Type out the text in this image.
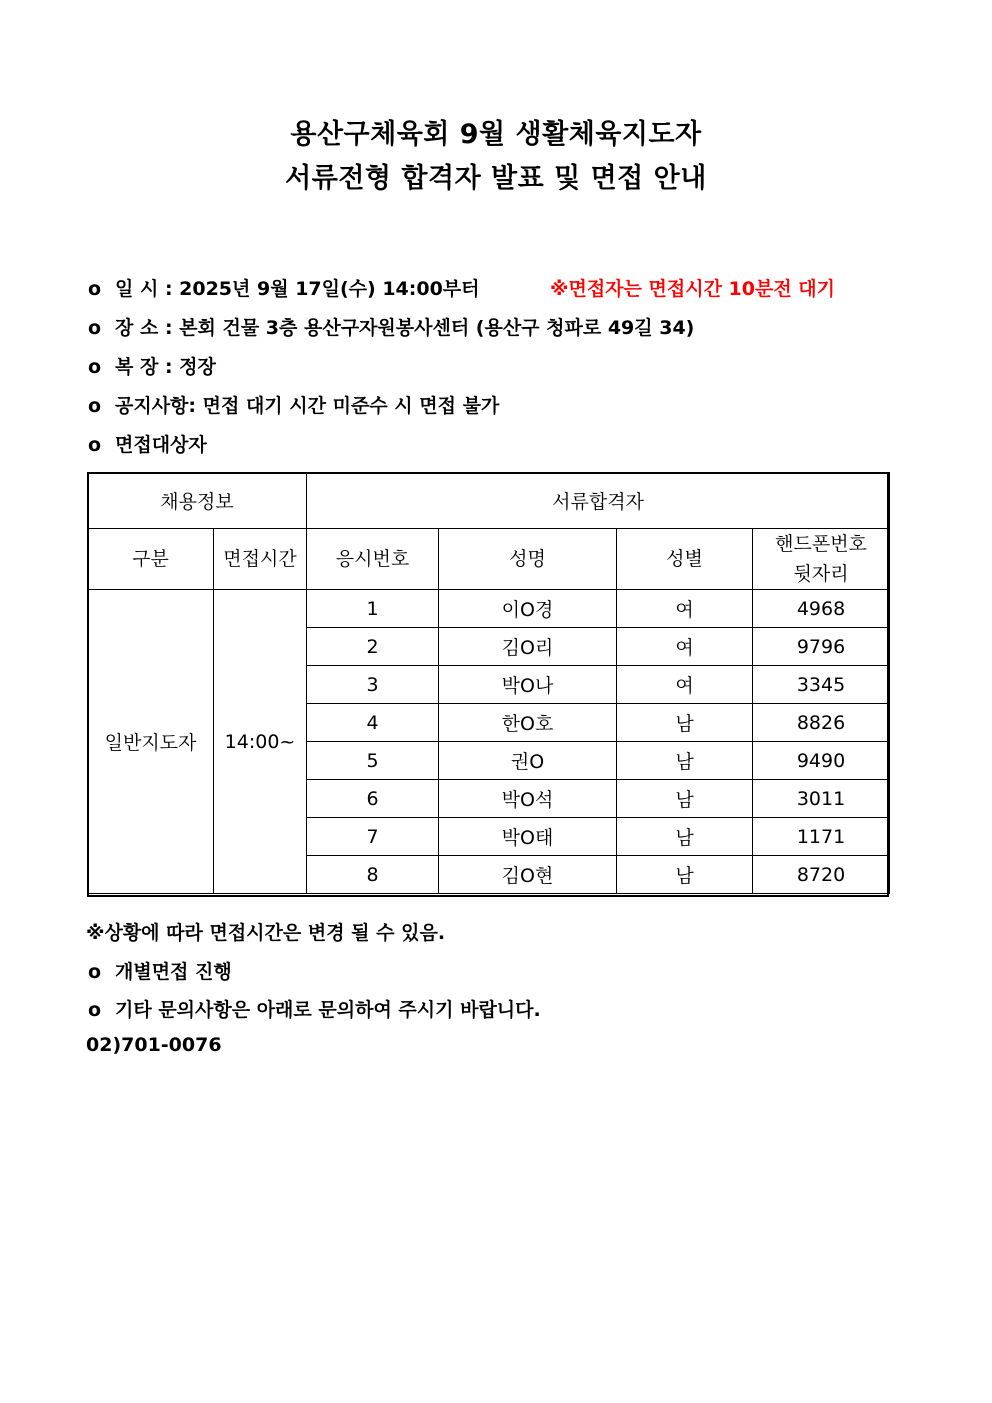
용산구체육회 9월 생활체육지도자
서류전형 합격자 발표 및 면접 안내
o 일 시 : 2025년 9월 17일(수) 14:00부터	※면접자는 면접시간 10분전 대기
o 장 소 : 본회 건물 3층 용산구자원봉사센터 (용산구 청파로 49길 34)
o 복 장 : 정장
o 공지사항: 면접 대기 시간 미준수 시 면접 불가
o 면접대상자
채용정보		서류합격자			
구분	면접시간	응시번호	성명	성별	핸드폰번호
뒷자리
일반지도자	14:00~	1	이O경	여	4968
		2	김O리	여	9796
		3	박O나	여	3345
		4	한O호	남	8826
		5	권O	남	9490
		6	박O석	남	3011
		7	박O태	남	1171
		8	김O현	남	8720
※상황에 따라 면접시간은 변경 될 수 있음.
o 개별면접 진행
o 기타 문의사항은 아래로 문의하여 주시기 바랍니다.
02)701-0076
